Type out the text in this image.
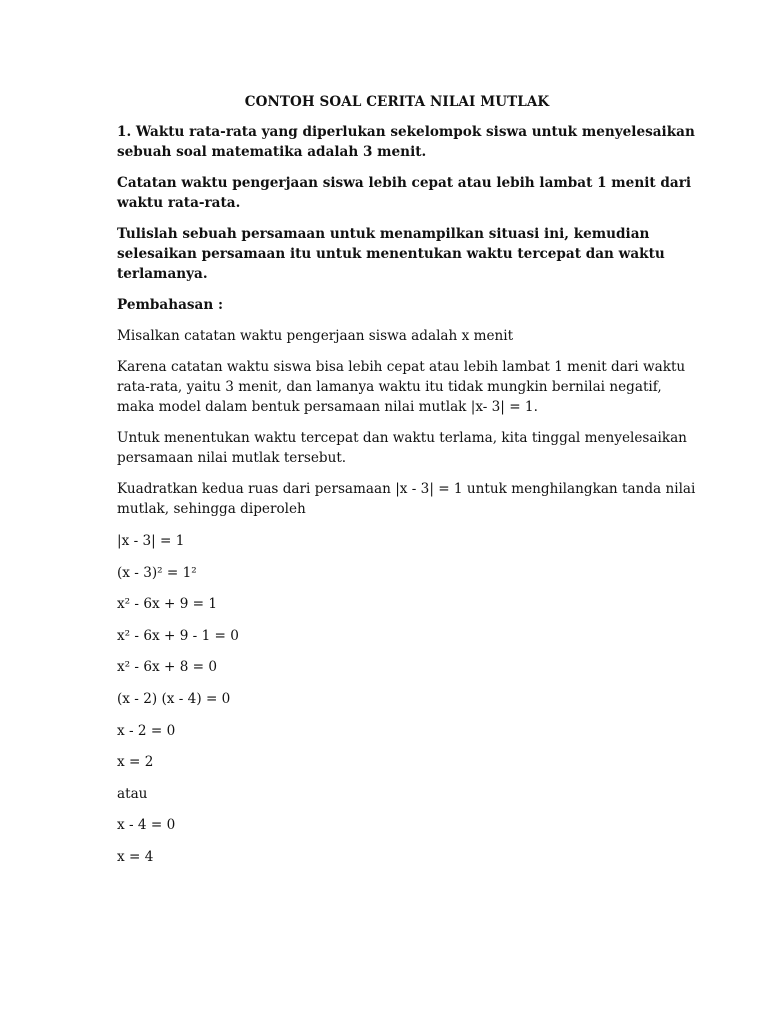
CONTOH SOAL CERITA NILAI MUTLAK
1. Waktu rata-rata yang diperlukan sekelompok siswa untuk menyelesaikan
sebuah soal matematika adalah 3 menit.
Catatan waktu pengerjaan siswa lebih cepat atau lebih lambat 1 menit dari
waktu rata-rata.
Tulislah sebuah persamaan untuk menampilkan situasi ini, kemudian
selesaikan persamaan itu untuk menentukan waktu tercepat dan waktu
terlamanya.
Pembahasan :
Misalkan catatan waktu pengerjaan siswa adalah x menit
Karena catatan waktu siswa bisa lebih cepat atau lebih lambat 1 menit dari waktu
rata-rata, yaitu 3 menit, dan lamanya waktu itu tidak mungkin bernilai negatif,
maka model dalam bentuk persamaan nilai mutlak |x- 3| = 1.
Untuk menentukan waktu tercepat dan waktu terlama, kita tinggal menyelesaikan
persamaan nilai mutlak tersebut.
Kuadratkan kedua ruas dari persamaan |x - 3| = 1 untuk menghilangkan tanda nilai
mutlak, sehingga diperoleh
|x - 3| = 1
(x - 3)² = 1²
x² - 6x + 9 = 1
x² - 6x + 9 - 1 = 0
x² - 6x + 8 = 0
(x - 2) (x - 4) = 0
x - 2 = 0
x = 2
atau
x - 4 = 0
x = 4
